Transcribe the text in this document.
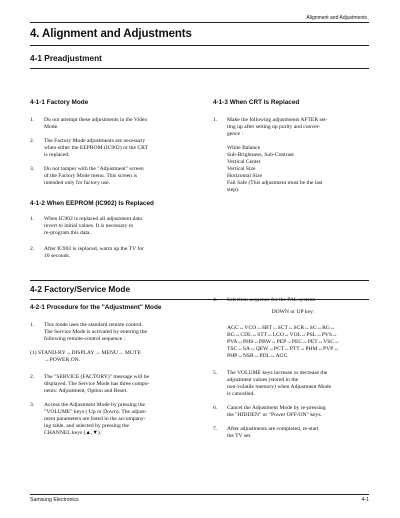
Alignment and Adjustments
4. Alignment and Adjustments
4-1 Preadjustment
4-1-1 Factory Mode
1. Do not attempt these adjustments in the Video
Mode.
2. The Factory Mode adjustments are necessary
when either the EEPROM (IC902) or the CRT
is replaced.
3. Do not tamper with the "Adjustment" screen
of the Factory Mode menu. This screen is
intended only for factory use.
4-1-2 When EEPROM (IC902) Is Replaced
1. When IC902 is replaced all adjustment data
revert to initial values. It is necessary to
re-program this data.
2. After IC902 is replaced, warm up the TV for
10 seconds.
4-1-3 When CRT Is Replaced
1. Make the following adjustments AFTER set-
ting up after setting up purity and conver-
gence :
White Balance
Sub-Brightness, Sub-Contrast
Vertical Center
Vertical Size
Horizontal Size
Fail Safe (This adjustment must be the last
step).
4-2 Factory/Service Mode
4-2-1 Procedure for the "Adjustment" Mode
1. This mode uses the standard remote control.
The Service Mode is activated by entering the
following remote-control sequence :
(1) STAND-BY→DISPLAY→ MENU→ MUTE
→POWER ON.
2. The "SERVICE (FACTORY)" message will be
displayed. The Service Mode has three compo-
nents: Adjustment, Option and Reset.
3. Access the Adjustment Mode by pressing the
"VOLUME" keys ( Up or Down). The adjust-
ment parameters are listed in the accompany-
ing table, and selected by pressing the
CHANNEL keys (▲,▼).
4. Selection sequence for the PAL system:
DOWN or UP key:
AGC↔VCO↔SBT↔SCT↔SCR↔SC↔RG↔
BG↔CDL↔STT↔LCO↔VOL↔PSL↔PVS↔
PVA↔PHS↔PBW↔PEP↔PEC↔PET↔VSC↔
TSC↔SA↔QEW↔PCT↔PTT↔PHM↔PVP↔
PHP↔NSR↔PDL↔AGC.
5. The VOLUME keys increase or decrease the
adjustment values (stored in the
non-volatile memory) when Adjustment Mode
is cancelled.
6. Cancel the Adjustment Mode by re-pressing
the "HIDDEN" or "Power OFF/ON" keys.
7. After adjustments are completed, re-start
the TV set.
Samsung Electronics	4-1
